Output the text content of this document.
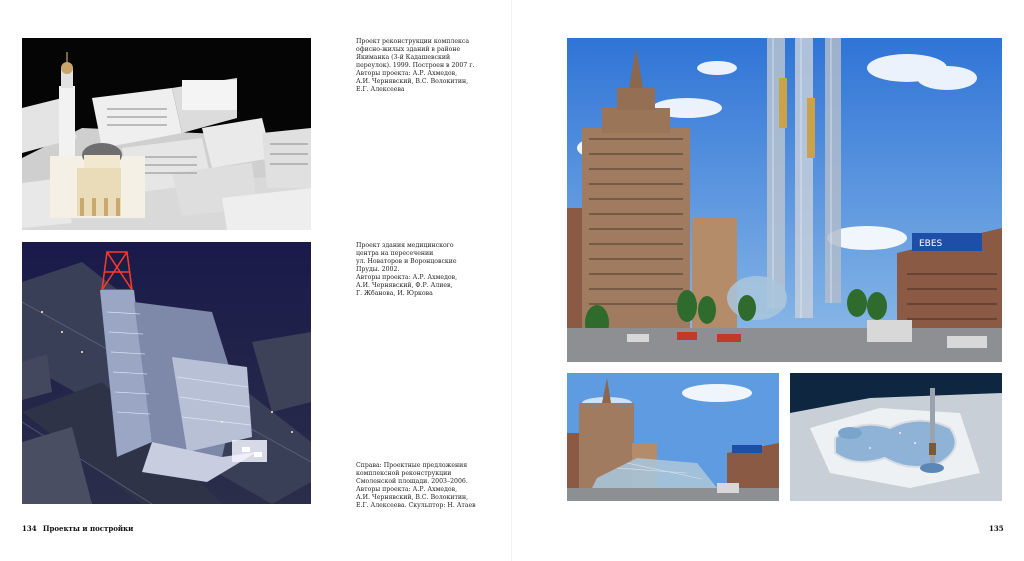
Проект реконструкции комплекса
офисно-жилых зданий в районе
Якиманка (3-й Кадашевский
переулок). 1999. Построен в 2007 г.
Авторы проекта: А.Р. Ахмедов,
А.И. Чернявский, В.С. Волокитин,
Е.Г. Алексеева
Проект здания медицинского
центра на пересечении
ул. Новаторов и Воронцовские
Пруды. 2002.
Авторы проекта: А.Р. Ахмедов,
А.И. Чернявский, Ф.Р. Алиев,
Г. Жбанова, И. Юркова
Справа: Проектные предложения
комплексной реконструкции
Смоленской площади. 2003–2006.
Авторы проекта: А.Р. Ахмедов,
А.И. Чернявский, В.С. Волокитин,
Е.Г. Алексеева. Скульптор: Н. Атаев
134 Проекты и постройки
EBES
135
